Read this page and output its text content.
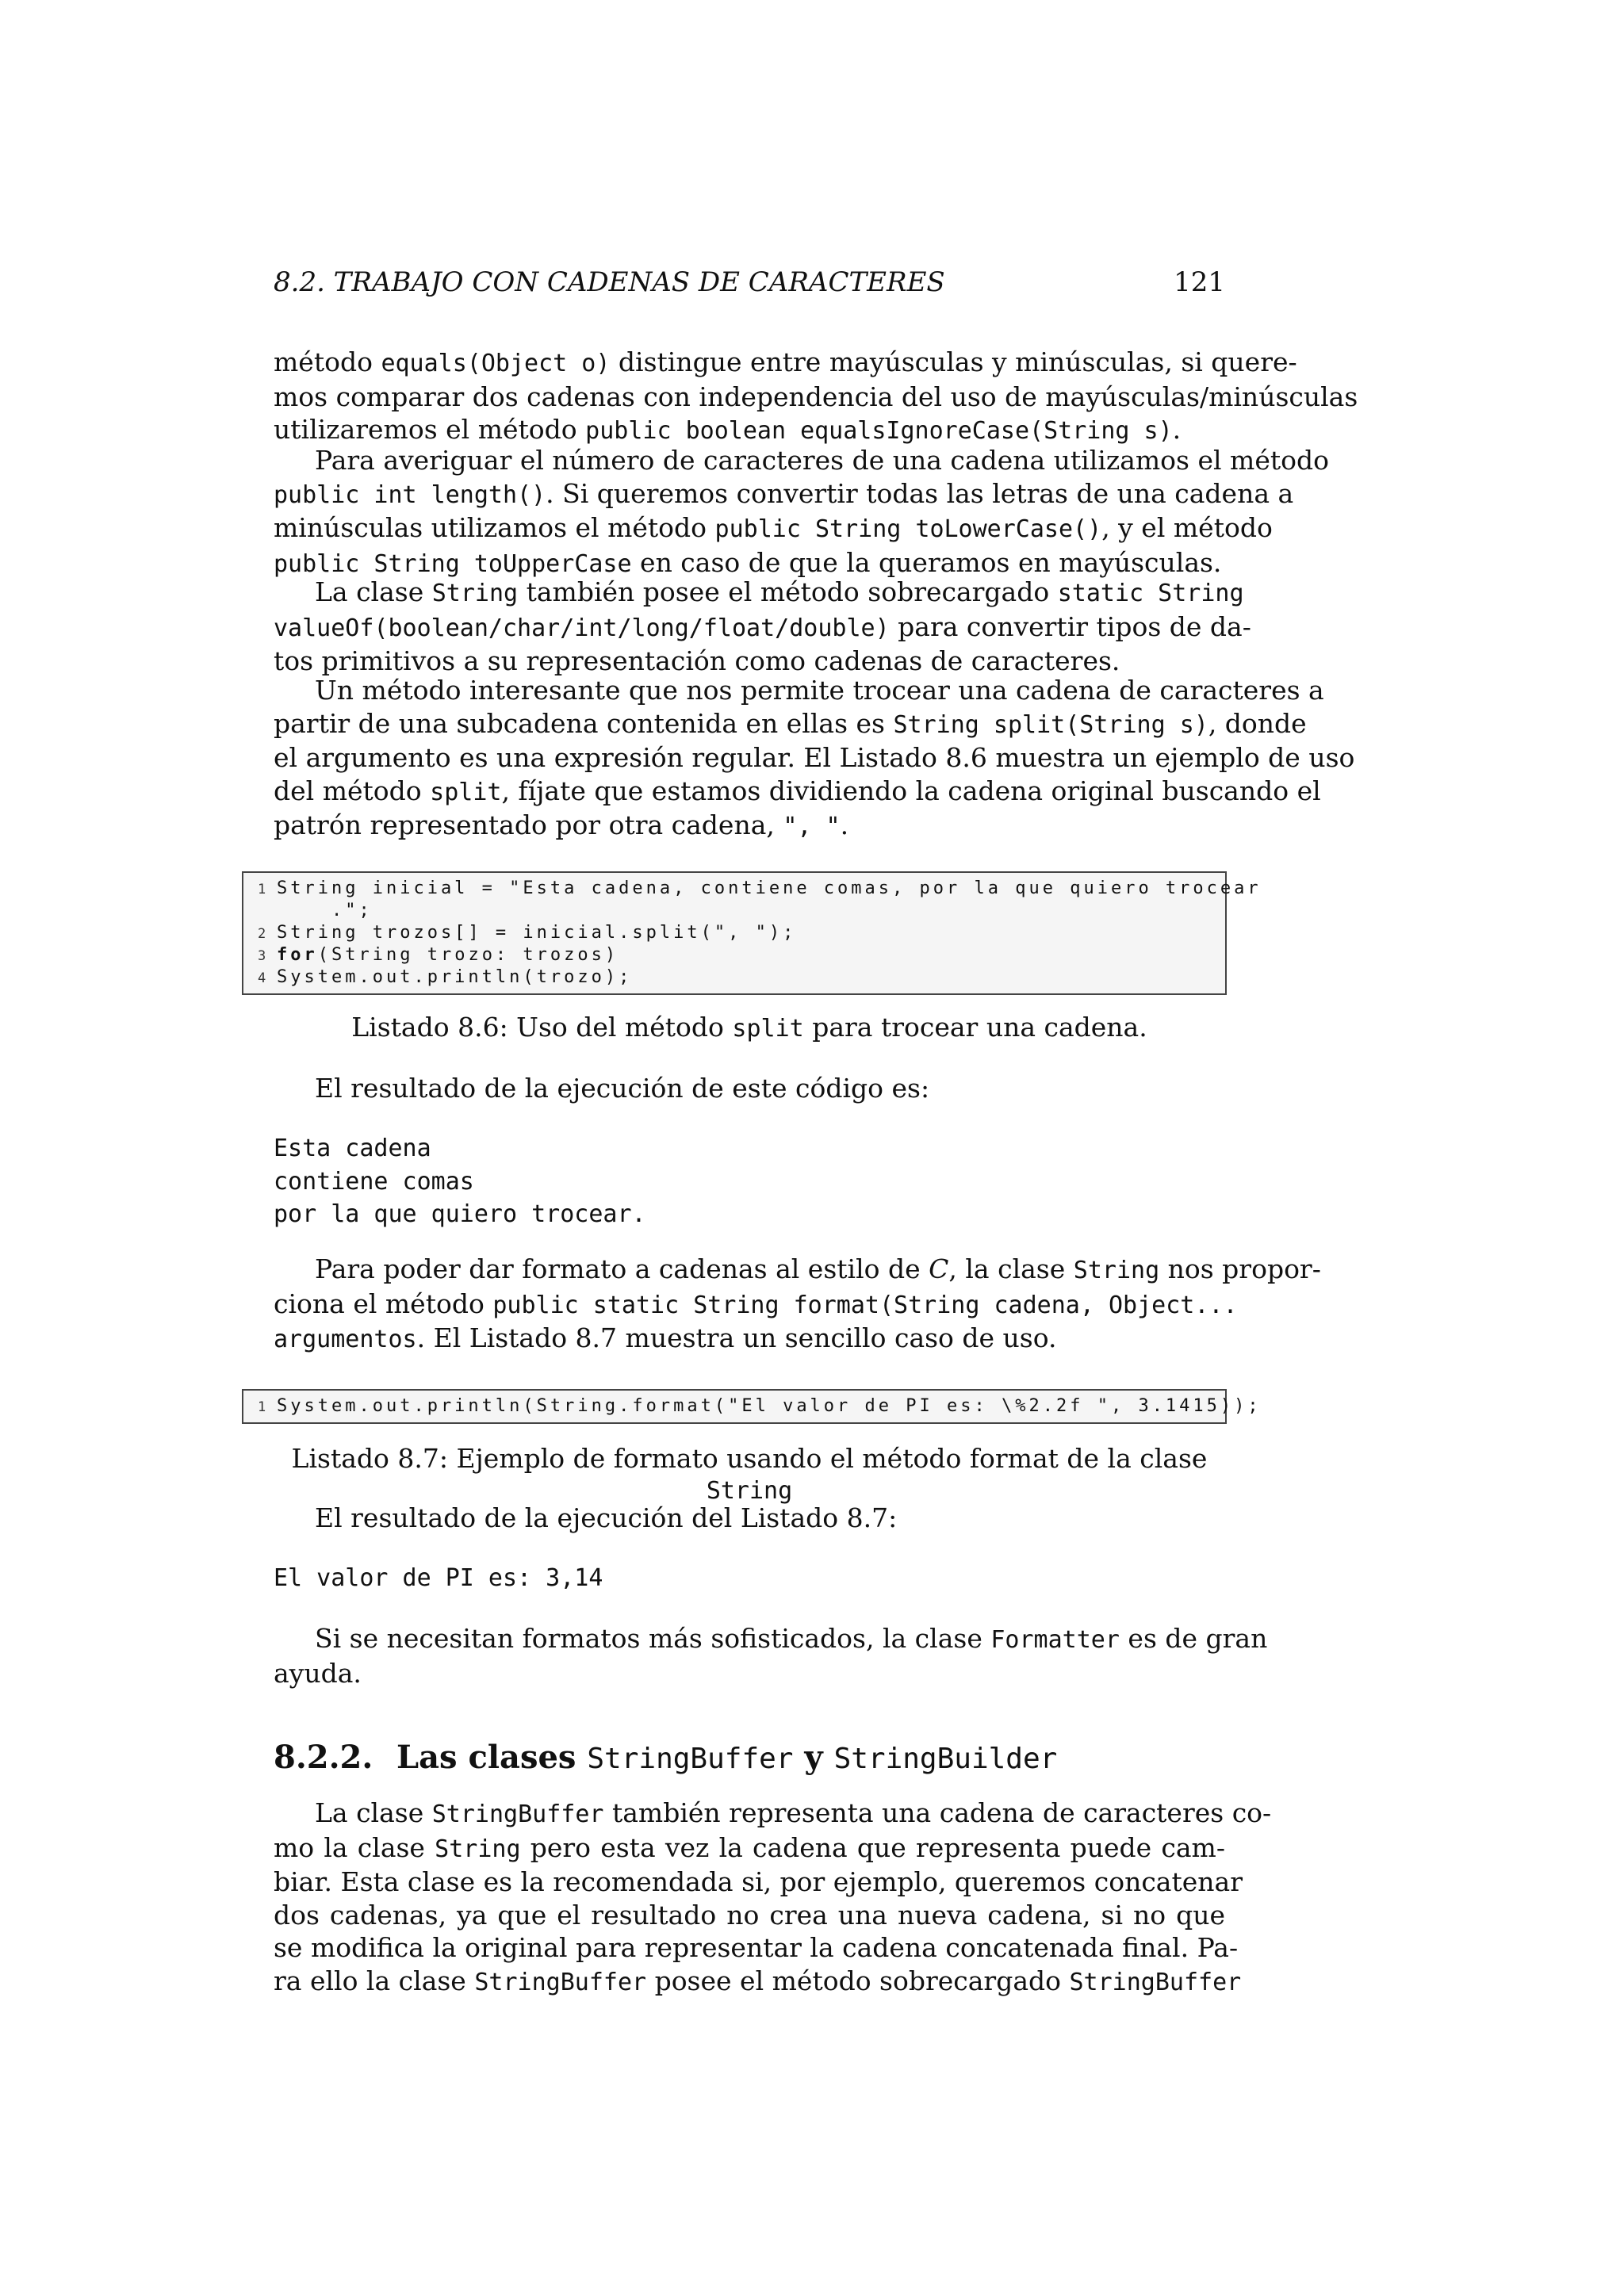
8.2. TRABAJO CON CADENAS DE CARACTERES	121
método equals(Object o) distingue entre mayúsculas y minúsculas, si quere-
mos comparar dos cadenas con independencia del uso de mayúsculas/minúsculas
utilizaremos el método public boolean equalsIgnoreCase(String s).
Para averiguar el número de caracteres de una cadena utilizamos el método
public int length(). Si queremos convertir todas las letras de una cadena a
minúsculas utilizamos el método public String toLowerCase(), y el método
public String toUpperCase en caso de que la queramos en mayúsculas.
La clase String también posee el método sobrecargado static String
valueOf(boolean/char/int/long/float/double) para convertir tipos de da-
tos primitivos a su representación como cadenas de caracteres.
Un método interesante que nos permite trocear una cadena de caracteres a
partir de una subcadena contenida en ellas es String split(String s), donde
el argumento es una expresión regular. El Listado 8.6 muestra un ejemplo de uso
del método split, fíjate que estamos dividiendo la cadena original buscando el
patrón representado por otra cadena, ", ".
1 String inicial = "Esta cadena, contiene comas, por la que quiero trocear
.";
2 String trozos[] = inicial.split(", ");
3 for(String trozo: trozos)
4 System.out.println(trozo);
Listado 8.6: Uso del método split para trocear una cadena.
El resultado de la ejecución de este código es:
Esta cadena
contiene comas
por la que quiero trocear.
Para poder dar formato a cadenas al estilo de C, la clase String nos propor-
ciona el método public static String format(String cadena, Object...
argumentos. El Listado 8.7 muestra un sencillo caso de uso.
1 System.out.println(String.format("El valor de PI es: \%2.2f ", 3.1415));
Listado 8.7: Ejemplo de formato usando el método format de la clase String
El resultado de la ejecución del Listado 8.7:
El valor de PI es: 3,14
Si se necesitan formatos más sofisticados, la clase Formatter es de gran
ayuda.
8.2.2. Las clases StringBuffer y StringBuilder
La clase StringBuffer también representa una cadena de caracteres co-
mo la clase String pero esta vez la cadena que representa puede cam-
biar. Esta clase es la recomendada si, por ejemplo, queremos concatenar
dos cadenas, ya que el resultado no crea una nueva cadena, si no que
se modifica la original para representar la cadena concatenada final. Pa-
ra ello la clase StringBuffer posee el método sobrecargado StringBuffer
